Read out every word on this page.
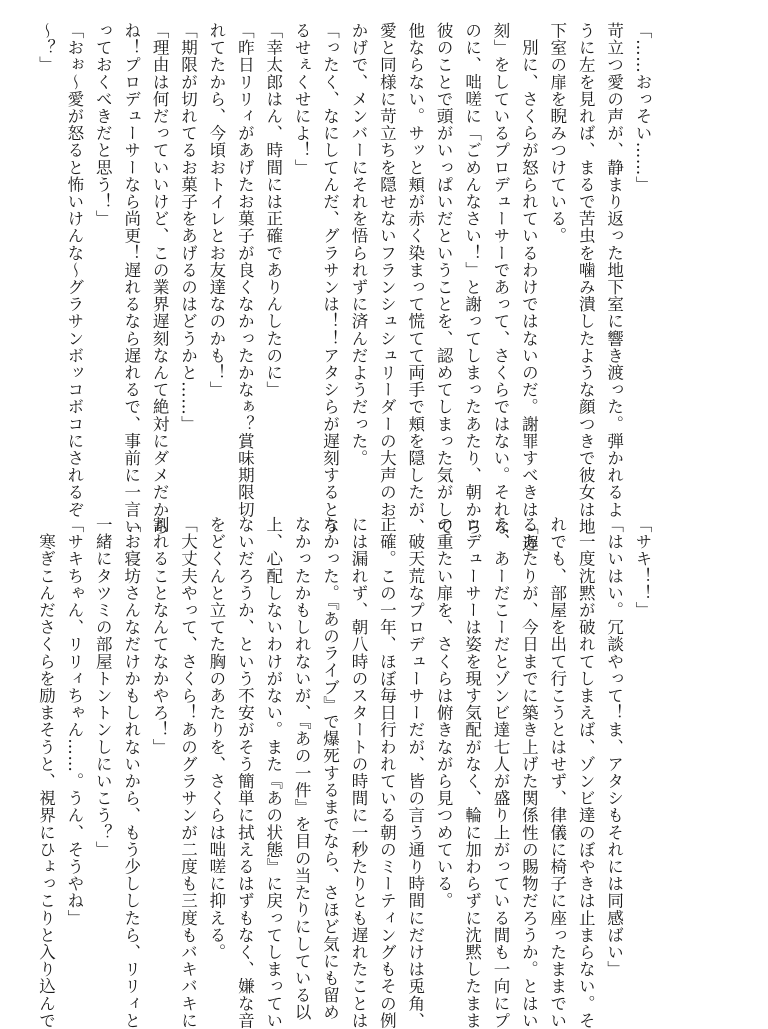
「……おっそい……」
苛立つ愛の声が、静まり返った地下室に響き渡った。弾かれるよ
うに左を見れば、まるで苦虫を噛み潰したような顔つきで彼女は地
下室の扉を睨みつけている。
　別に、さくらが怒られているわけではないのだ。謝罪すべきは「遅
刻」をしているプロデューサーであって、さくらではない。それな
のに、咄嗟に「ごめんなさい！」と謝ってしまったあたり、朝から
彼のことで頭がいっぱいだということを、認めてしまった気がして
他ならない。サッと頬が赤く染まって慌てて両手で頬を隠したが、
愛と同様に苛立ちを隠せないフランシュシュリーダーの大声のお
かげで、メンバーにそれを悟られずに済んだようだった。
「ったく、なにしてんだ、グラサンは！！アタシらが遅刻するとう
るせぇくせによ！」
「幸太郎はん、時間には正確でありんしたのに」
「昨日リリィがあげたお菓子が良くなかったかなぁ？賞味期限切
れてたから、今頃おトイレとお友達なのかも！」
「期限が切れてるお菓子をあげるのはどうかと……」
「理由は何だっていいけど、この業界遅刻なんて絶対にダメだから
ね！プロデューサーなら尚更！遅れるなら遅れるで、事前に一言い
っておくべきだと思う！」
「おぉ～愛が怒ると怖いけんな～グラサンボッコボコにされるぞ
～？」
「サキ！！」
「はいはい。冗談やって！ま、アタシもそれには同感ばい」
　一度沈黙が破れてしまえば、ゾンビ達のぼやきは止まらない。そ
れでも、部屋を出て行こうとはせず、律儀に椅子に座ったままでい
るあたりが、今日までに築き上げた関係性の賜物だろうか。とはい
え、あーだこーだとゾンビ達七人が盛り上がっている間も一向にプ
ロデューサーは姿を現す気配がなく、輪に加わらずに沈黙したまま
の重たい扉を、さくらは俯きながら見つめている。
　破天荒なプロデューサーだが、皆の言う通り時間にだけは兎角、
正確。この一年、ほぼ毎日行われている朝のミーティングもその例
には漏れず、朝八時のスタートの時間に一秒たりとも遅れたことは
なかった。『あのライブ』で爆死するまでなら、さほど気にも留め
なかったかもしれないが、『あの一件』を目の当たりにしている以
上、心配しないわけがない。また『あの状態』に戻ってしまってい
ないだろうか、という不安がそう簡単に拭えるはずもなく、嫌な音
をどくんと立てた胸のあたりを、さくらは咄嗟に抑える。
「大丈夫やって、さくら！あのグラサンが二度も三度もバキバキに
割れることなんてなかやろ！」
「お寝坊さんなだけかもしれないから、もう少ししたら、リリィと
一緒にタツミの部屋トントンしにいこう？」
「サキちゃん、リリィちゃん……。うん、そうやね」
　寒ぎこんださくらを励まそうと、視界にひょっこりと入り込んで
